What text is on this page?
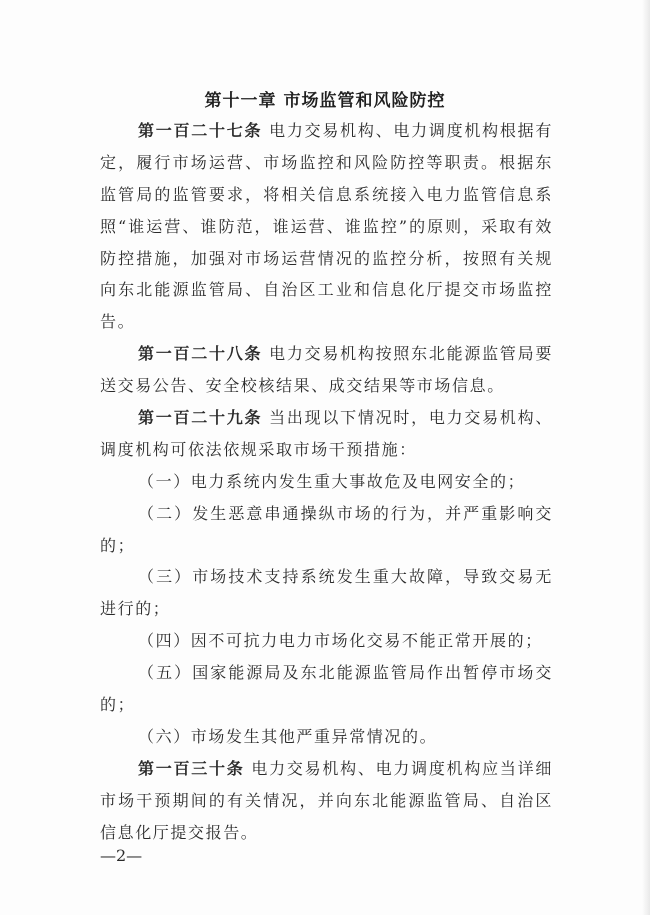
第十一章 市场监管和风险防控
第一百二十七条 电力交易机构、电力调度机构根据有
定，履行市场运营、市场监控和风险防控等职责。根据东
监管局的监管要求，将相关信息系统接入电力监管信息系
照“谁运营、谁防范，谁运营、谁监控”的原则，采取有效
防控措施，加强对市场运营情况的监控分析，按照有关规
向东北能源监管局、自治区工业和信息化厅提交市场监控
告。
第一百二十八条 电力交易机构按照东北能源监管局要
送交易公告、安全校核结果、成交结果等市场信息。
第一百二十九条 当出现以下情况时，电力交易机构、
调度机构可依法依规采取市场干预措施：
（一）电力系统内发生重大事故危及电网安全的；
（二）发生恶意串通操纵市场的行为，并严重影响交
的；
（三）市场技术支持系统发生重大故障，导致交易无
进行的；
（四）因不可抗力电力市场化交易不能正常开展的；
（五）国家能源局及东北能源监管局作出暂停市场交
的；
（六）市场发生其他严重异常情况的。
第一百三十条 电力交易机构、电力调度机构应当详细
市场干预期间的有关情况，并向东北能源监管局、自治区
信息化厅提交报告。
—2—
